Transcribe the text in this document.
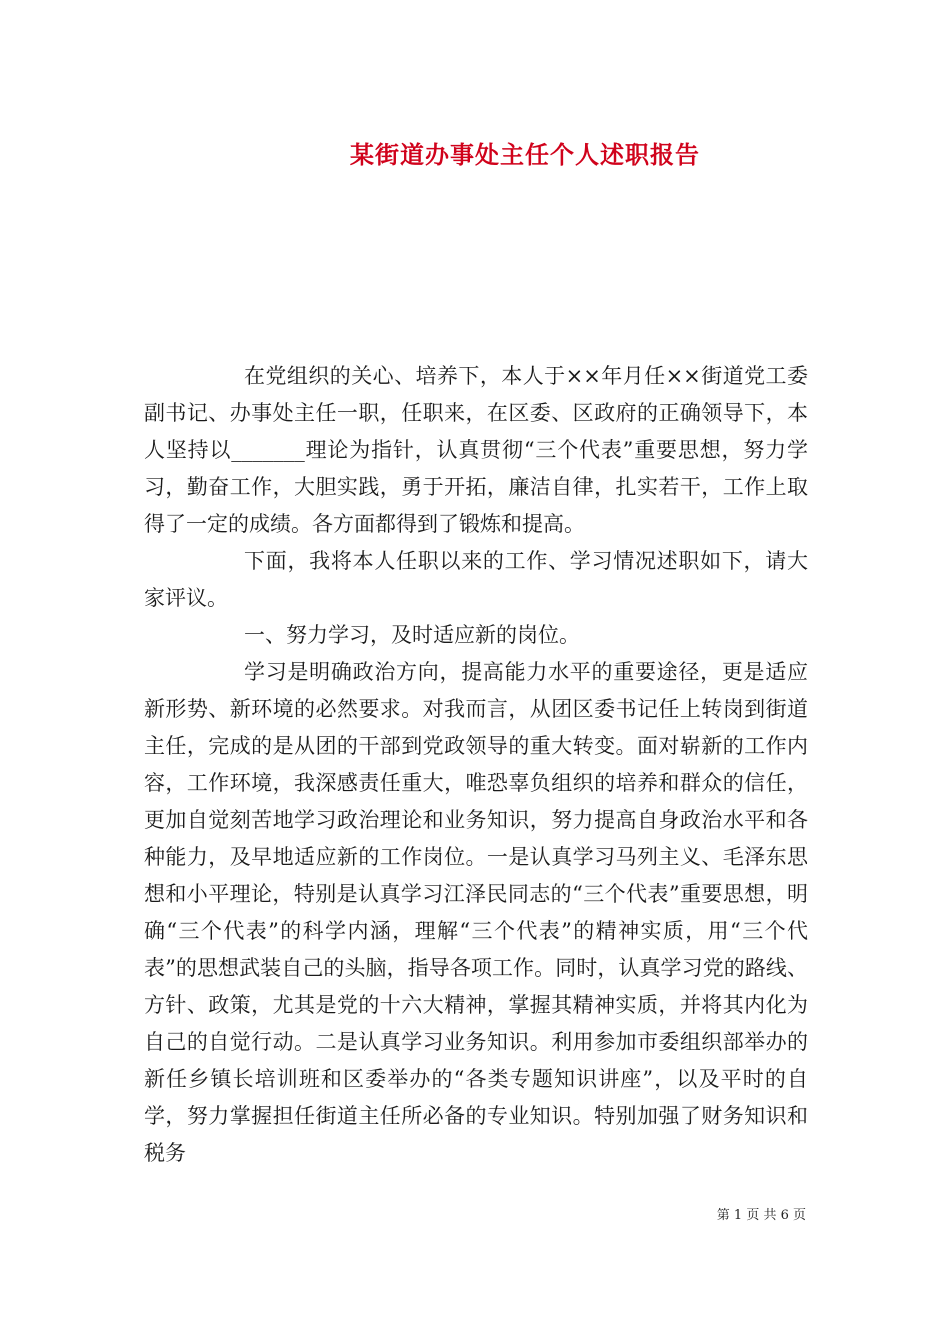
某街道办事处主任个人述职报告

在党组织的关心、培养下，本人于××年月任××街道党工委副书记、办事处主任一职，任职来，在区委、区政府的正确领导下，本人坚持以_______理论为指针，认真贯彻“三个代表”重要思想，努力学习，勤奋工作，大胆实践，勇于开拓，廉洁自律，扎实若干，工作上取得了一定的成绩。各方面都得到了锻炼和提高。

下面，我将本人任职以来的工作、学习情况述职如下，请大家评议。

一、努力学习，及时适应新的岗位。

学习是明确政治方向，提高能力水平的重要途径，更是适应新形势、新环境的必然要求。对我而言，从团区委书记任上转岗到街道主任，完成的是从团的干部到党政领导的重大转变。面对崭新的工作内容，工作环境，我深感责任重大，唯恐辜负组织的培养和群众的信任，更加自觉刻苦地学习政治理论和业务知识，努力提高自身政治水平和各种能力，及早地适应新的工作岗位。一是认真学习马列主义、毛泽东思想和小平理论，特别是认真学习江泽民同志的“三个代表”重要思想，明确“三个代表”的科学内涵，理解“三个代表”的精神实质，用“三个代表”的思想武装自己的头脑，指导各项工作。同时，认真学习党的路线、方针、政策，尤其是党的十六大精神，掌握其精神实质，并将其内化为自己的自觉行动。二是认真学习业务知识。利用参加市委组织部举办的新任乡镇长培训班和区委举办的“各类专题知识讲座”，以及平时的自学，努力掌握担任街道主任所必备的专业知识。特别加强了财务知识和税务

第 1 页 共 6 页
